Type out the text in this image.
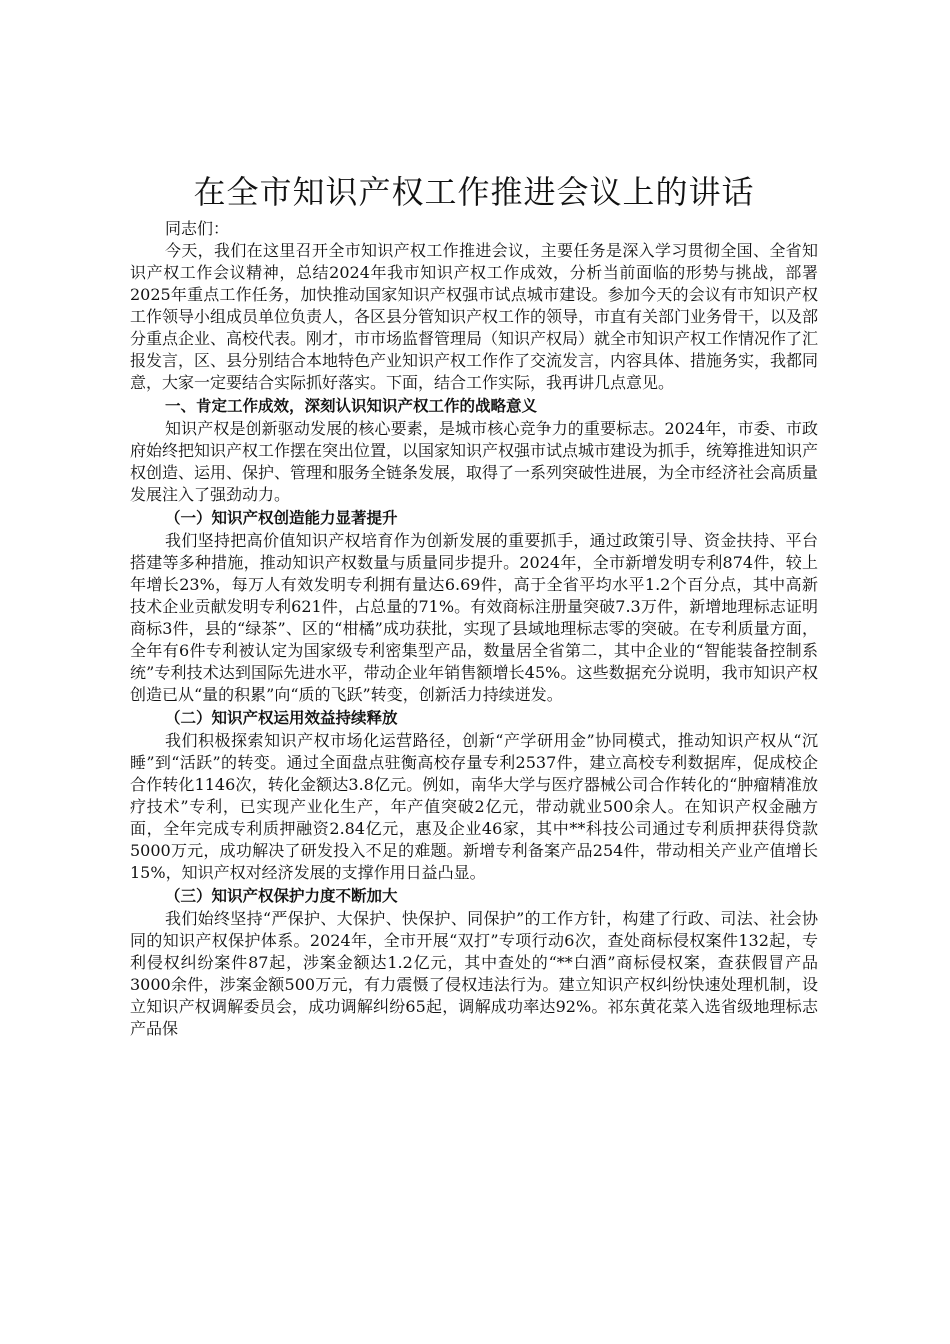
在全市知识产权工作推进会议上的讲话

同志们：

今天，我们在这里召开全市知识产权工作推进会议，主要任务是深入学习贯彻全国、全省知识产权工作会议精神，总结2024年我市知识产权工作成效，分析当前面临的形势与挑战，部署2025年重点工作任务，加快推动国家知识产权强市试点城市建设。参加今天的会议有市知识产权工作领导小组成员单位负责人，各区县分管知识产权工作的领导，市直有关部门业务骨干，以及部分重点企业、高校代表。刚才，市市场监督管理局（知识产权局）就全市知识产权工作情况作了汇报发言，区、县分别结合本地特色产业知识产权工作作了交流发言，内容具体、措施务实，我都同意，大家一定要结合实际抓好落实。下面，结合工作实际，我再讲几点意见。

一、肯定工作成效，深刻认识知识产权工作的战略意义

知识产权是创新驱动发展的核心要素，是城市核心竞争力的重要标志。2024年，市委、市政府始终把知识产权工作摆在突出位置，以国家知识产权强市试点城市建设为抓手，统筹推进知识产权创造、运用、保护、管理和服务全链条发展，取得了一系列突破性进展，为全市经济社会高质量发展注入了强劲动力。

（一）知识产权创造能力显著提升

我们坚持把高价值知识产权培育作为创新发展的重要抓手，通过政策引导、资金扶持、平台搭建等多种措施，推动知识产权数量与质量同步提升。2024年，全市新增发明专利874件，较上年增长23%，每万人有效发明专利拥有量达6.69件，高于全省平均水平1.2个百分点，其中高新技术企业贡献发明专利621件，占总量的71%。有效商标注册量突破7.3万件，新增地理标志证明商标3件，县的“绿茶”、区的“柑橘”成功获批，实现了县域地理标志零的突破。在专利质量方面，全年有6件专利被认定为国家级专利密集型产品，数量居全省第二，其中企业的“智能装备控制系统”专利技术达到国际先进水平，带动企业年销售额增长45%。这些数据充分说明，我市知识产权创造已从“量的积累”向“质的飞跃”转变，创新活力持续迸发。

（二）知识产权运用效益持续释放

我们积极探索知识产权市场化运营路径，创新“产学研用金”协同模式，推动知识产权从“沉睡”到“活跃”的转变。通过全面盘点驻衡高校存量专利2537件，建立高校专利数据库，促成校企合作转化1146次，转化金额达3.8亿元。例如，南华大学与医疗器械公司合作转化的“肿瘤精准放疗技术”专利，已实现产业化生产，年产值突破2亿元，带动就业500余人。在知识产权金融方面，全年完成专利质押融资2.84亿元，惠及企业46家，其中**科技公司通过专利质押获得贷款5000万元，成功解决了研发投入不足的难题。新增专利备案产品254件，带动相关产业产值增长15%，知识产权对经济发展的支撑作用日益凸显。

（三）知识产权保护力度不断加大

我们始终坚持“严保护、大保护、快保护、同保护”的工作方针，构建了行政、司法、社会协同的知识产权保护体系。2024年，全市开展“双打”专项行动6次，查处商标侵权案件132起，专利侵权纠纷案件87起，涉案金额达1.2亿元，其中查处的“**白酒”商标侵权案，查获假冒产品3000余件，涉案金额500万元，有力震慑了侵权违法行为。建立知识产权纠纷快速处理机制，设立知识产权调解委员会，成功调解纠纷65起，调解成功率达92%。祁东黄花菜入选省级地理标志产品保
